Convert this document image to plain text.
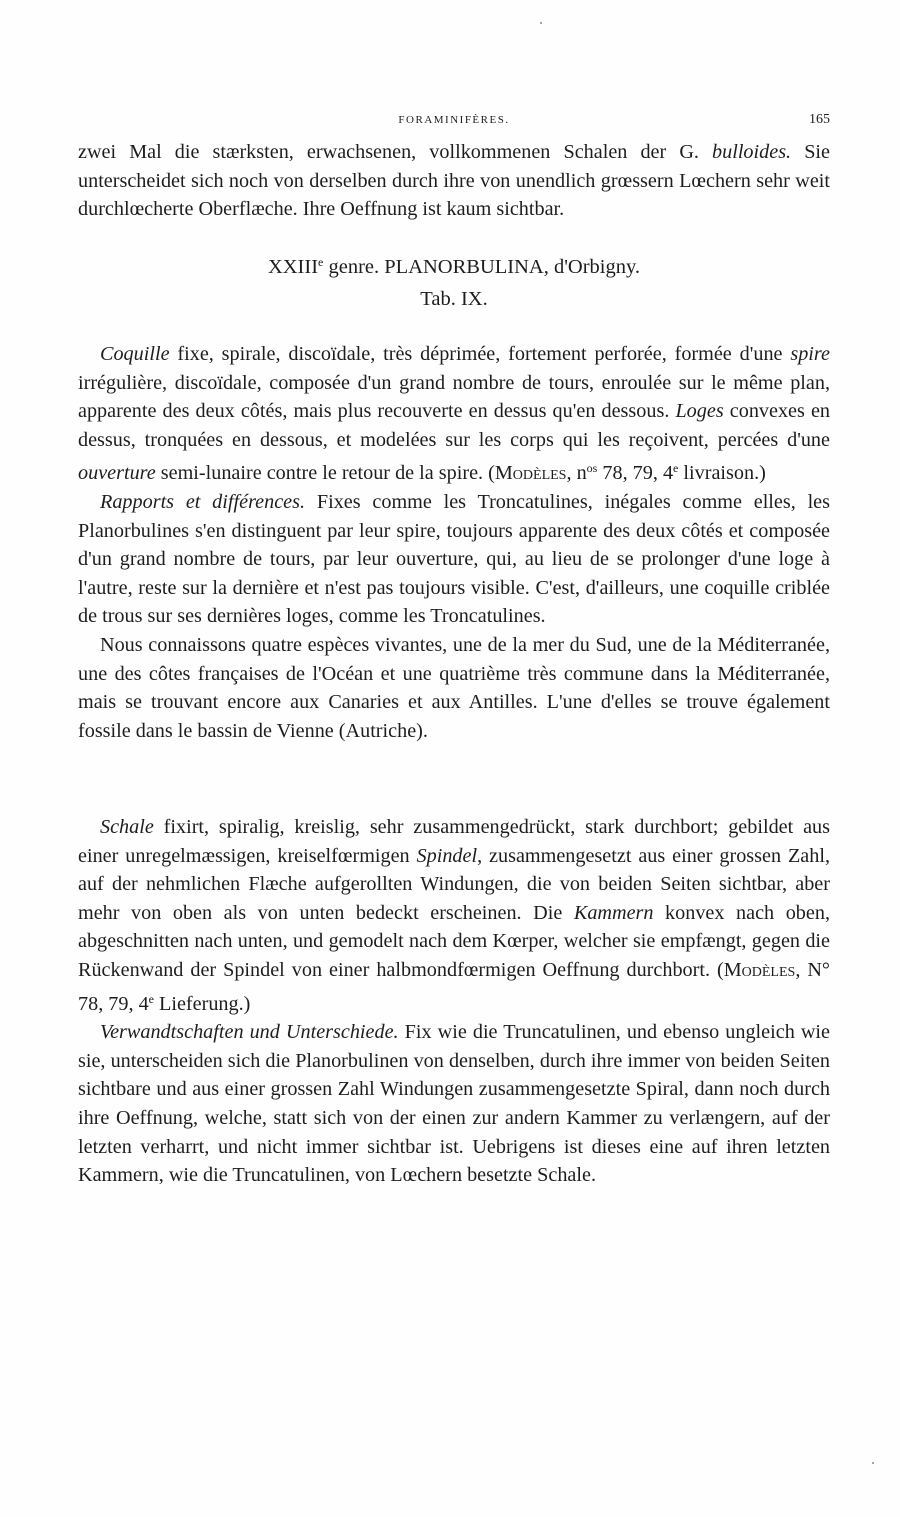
FORAMINIFÈRES.	165

zwei Mal die stærksten, erwachsenen, vollkommenen Schalen der G. bulloides. Sie unterscheidet sich noch von derselben durch ihre von unendlich grœssern Lœchern sehr weit durchlœcherte Oberflæche. Ihre Oeffnung ist kaum sichtbar.

XXIIIe genre. PLANORBULINA, d'Orbigny.
Tab. IX.

Coquille fixe, spirale, discoïdale, très déprimée, fortement perforée, formée d'une spire irrégulière, discoïdale, composée d'un grand nombre de tours, enroulée sur le même plan, apparente des deux côtés, mais plus recouverte en dessus qu'en dessous. Loges convexes en dessus, tronquées en dessous, et modelées sur les corps qui les reçoivent, percées d'une ouverture semi-lunaire contre le retour de la spire. (Modèles, $n^{os}$ 78, 79, 4e livraison.)

Rapports et différences. Fixes comme les Troncatulines, inégales comme elles, les Planorbulines s'en distinguent par leur spire, toujours apparente des deux côtés et composée d'un grand nombre de tours, par leur ouverture, qui, au lieu de se prolonger d'une loge à l'autre, reste sur la dernière et n'est pas toujours visible. C'est, d'ailleurs, une coquille criblée de trous sur ses dernières loges, comme les Troncatulines.

Nous connaissons quatre espèces vivantes, une de la mer du Sud, une de la Méditerranée, une des côtes françaises de l'Océan et une quatrième très commune dans la Méditerranée, mais se trouvant encore aux Canaries et aux Antilles. L'une d'elles se trouve également fossile dans le bassin de Vienne (Autriche).

Schale fixirt, spiralig, kreislig, sehr zusammengedrückt, stark durchbort; gebildet aus einer unregelmæssigen, kreiselfœrmigen Spindel, zusammengesetzt aus einer grossen Zahl, auf der nehmlichen Flæche aufgerollten Windungen, die von beiden Seiten sichtbar, aber mehr von oben als von unten bedeckt erscheinen. Die Kammern konvex nach oben, abgeschnitten nach unten, und gemodelt nach dem Kœrper, welcher sie empfængt, gegen die Rückenwand der Spindel von einer halbmondfœrmigen Oeffnung durchbort. (Modèles, N° 78, 79, 4e Lieferung.)

Verwandtschaften und Unterschiede. Fix wie die Truncatulinen, und ebenso ungleich wie sie, unterscheiden sich die Planorbulinen von denselben, durch ihre immer von beiden Seiten sichtbare und aus einer grossen Zahl Windungen zusammengesetzte Spiral, dann noch durch ihre Oeffnung, welche, statt sich von der einen zur andern Kammer zu verlængern, auf der letzten verharrt, und nicht immer sichtbar ist. Uebrigens ist dieses eine auf ihren letzten Kammern, wie die Truncatulinen, von Lœchern besetzte Schale.
